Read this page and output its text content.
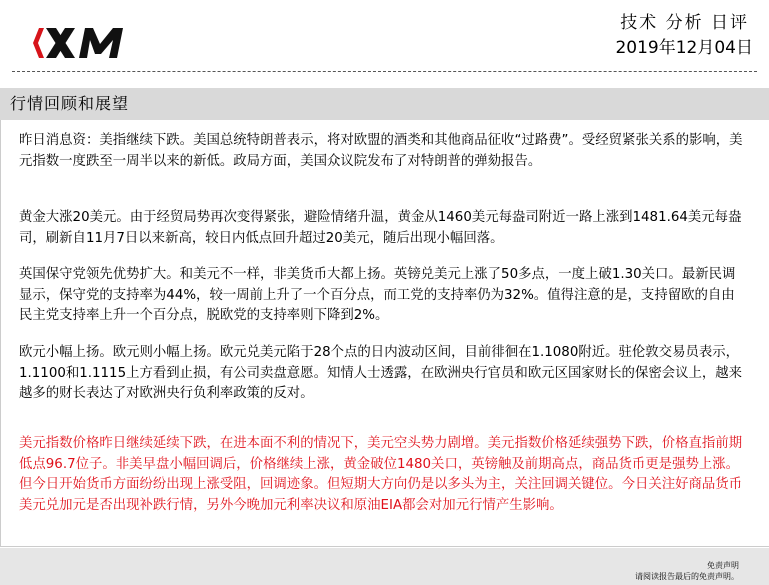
技术 分析 日评
2019年12月04日
行情回顾和展望

昨日消息资：美指继续下跌。美国总统特朗普表示，将对欧盟的酒类和其他商品征收“过路费”。受经贸紧张关系的影响，美元指数一度跌至一周半以来的新低。政局方面，美国众议院发布了对特朗普的弹劾报告。

黄金大涨20美元。由于经贸局势再次变得紧张，避险情绪升温，黄金从1460美元每盎司附近一路上涨到1481.64美元每盎司，刷新自11月7日以来新高，较日内低点回升超过20美元，随后出现小幅回落。

英国保守党领先优势扩大。和美元不一样，非美货币大都上扬。英镑兑美元上涨了50多点，一度上破1.30关口。最新民调显示，保守党的支持率为44%，较一周前上升了一个百分点，而工党的支持率仍为32%。值得注意的是，支持留欧的自由民主党支持率上升一个百分点，脱欧党的支持率则下降到2%。

欧元小幅上扬。欧元则小幅上扬。欧元兑美元陷于28个点的日内波动区间，目前徘徊在1.1080附近。驻伦敦交易员表示，1.1100和1.1115上方看到止损，有公司卖盘意愿。知情人士透露，在欧洲央行官员和欧元区国家财长的保密会议上，越来越多的财长表达了对欧洲央行负利率政策的反对。

美元指数价格昨日继续延续下跌，在进本面不利的情况下，美元空头势力剧增。美元指数价格延续强势下跌，价格直指前期低点96.7位子。非美早盘小幅回调后，价格继续上涨，黄金破位1480关口，英镑触及前期高点，商品货币更是强势上涨。但今日开始货币方面纷纷出现上涨受阻，回调迹象。但短期大方向仍是以多头为主，关注回调关键位。今日关注好商品货币美元兑加元是否出现补跌行情，另外今晚加元利率决议和原油EIA都会对加元行情产生影响。

免责声明
请阅读报告最后的免责声明。
